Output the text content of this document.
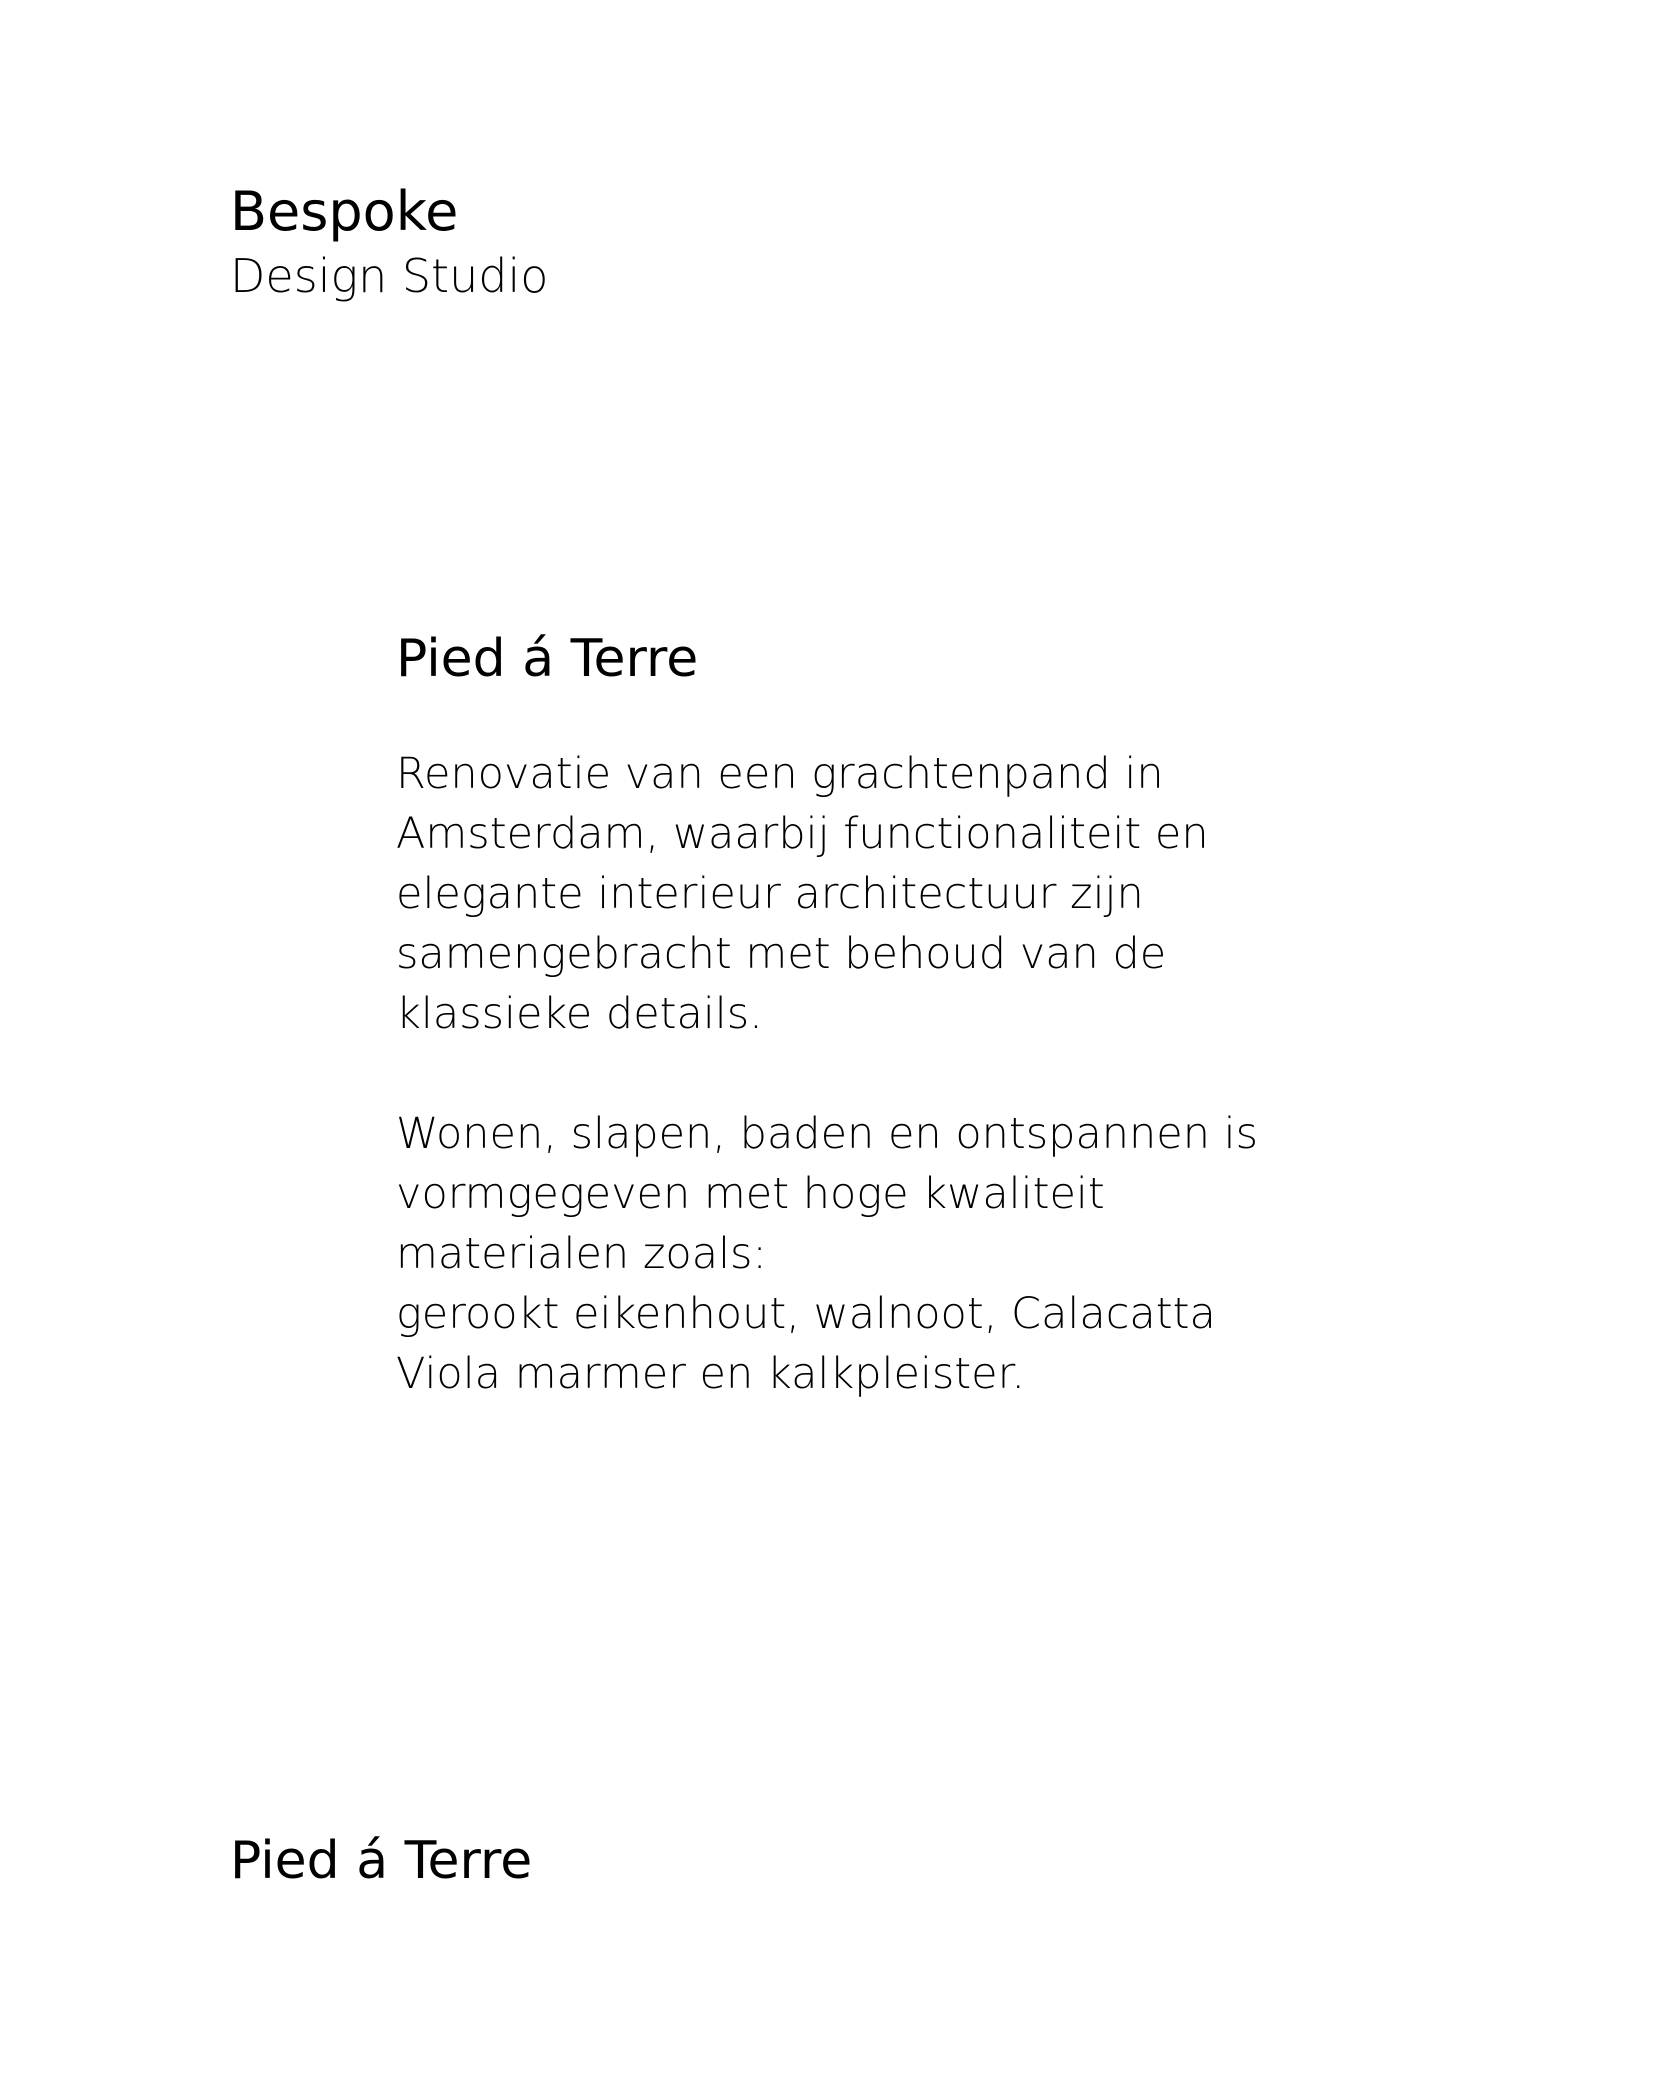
Bespoke
Design Studio
Pied á Terre

Renovatie van een grachtenpand in
Amsterdam, waarbij functionaliteit en
elegante interieur architectuur zijn
samengebracht met behoud van de
klassieke details.

Wonen, slapen, baden en ontspannen is
vormgegeven met hoge kwaliteit
materialen zoals:
gerookt eikenhout, walnoot, Calacatta
Viola marmer en kalkpleister.

Pied á Terre
